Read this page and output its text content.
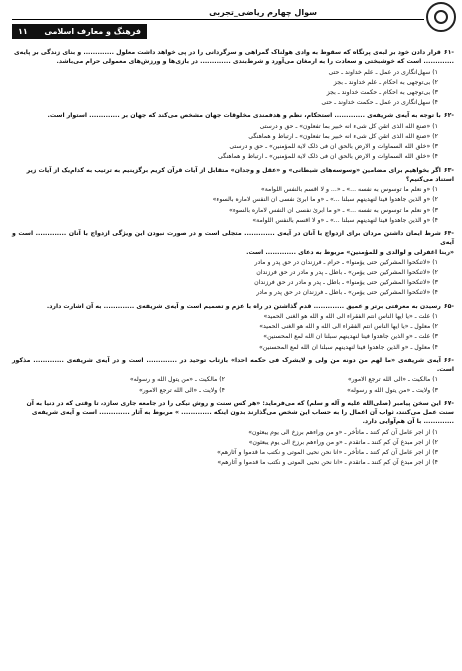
سوال چهارم ریاضی_تجربی
فرهنگ و معارف اسلامی
۱۱
-۶۱قرار دادن خود بر لبه‌ی پرتگاه که سقوط به وادی هولناک گمراهی و سرگردانی را در پی خواهد داشت معلول ............. و بنای زندگی بر پایه‌ی
............. است که خوشبختی و سعادت را به ارمغان می‌آورد و شرط‌بندی ............. در بازی‌ها و ورزش‌های معمولی حرام می‌باشد.
۱) سهل‌انگاری در عمل ـ علم خداوند ـ حتی
۲) بی‌توجهی به احکام ـ علم خداوند ـ بجز
۳) بی‌توجهی به احکام ـ حکمت خداوند ـ بجز
۴) سهل‌انگاری در عمل ـ حکمت خداوند ـ حتی
-۶۲با توجه به آیه‌ی شریفه‌ی ............. استحکام، نظم و هدفمندی مخلوقات جهان مشخص می‌کند که جهان بر ............. استوار است.
۱) «صنع الله الذی اتقن کل شیء انه خبیر بما تفعلون» ـ حق و درستی
۲) «صنع الله الذی اتقن کل شیء انه خبیر بما تفعلون» ـ ارتباط و هماهنگی
۳) «خلق الله السماوات و الارض بالحق ان فی ذلک لایة للمؤمنین» ـ حق و درستی
۴) «خلق الله السماوات و الارض بالحق ان فی ذلک لایة للمؤمنین» ـ ارتباط و هماهنگی
-۶۳اگر بخواهیم برای مضامین «وسوسه‌های شیطانی» و «عقل و وجدان» متقابل از آیات قرآن کریم برگزینیم به ترتیب به کدام‌یک از آیات زیر
استناد می‌کنیم؟
۱) «و نعلم ما توسوس به نفسه ...» ـ «... و لا اقسم بالنفس اللوامة»
۲) «و الذین جاهدوا فینا لنهدینهم سبلنا ...» ـ «و ما ابرئ نفسی ان النفس لاماره بالسوء»
۳) «و نعلم ما توسوس به نفسه ...» ـ «و ما ابرئ نفسی ان النفس لاماره بالسوء»
۴) «و الذین جاهدوا فینا لنهدینهم سبلنا ...» ـ «و لا اقسم بالنفس اللوامة»
-۶۴شرط ایمان داشتن مردان برای ازدواج با آنان در آیه‌ی ............. متجلی است و در صورت نبودن این ویژگی ازدواج با آنان ............. است و آیه‌ی
«ربنا اغفرلی و لوالدی و للمؤمنین» مربوط به دعای ............. است.
۱) «لاتنکحوا المشرکین حتی یؤمنوا» ـ حرام ـ فرزندان در حق پدر و مادر
۲) «لاتنکحوا المشرکین حتی یؤمن» ـ باطل ـ پدر و مادر در حق فرزندان
۳) «لاتنکحوا المشرکین حتی یؤمنوا» ـ باطل ـ پدر و مادر در حق فرزندان
۴) «لاتنکحوا المشرکین حتی یؤمن» ـ باطل ـ فرزندان در حق پدر و مادر
-۶۵رسیدن به معرفتی برتر و عمیق ............. قدم گذاشتن در راه با عزم و تصمیم است و آیه‌ی شریفه‌ی ............. به آن اشارت دارد.
۱) علت ـ «یا ایها الناس انتم الفقراء الی الله و الله هو الغنی الحمید»
۲) معلول ـ «یا ایها الناس انتم الفقراء الی الله و الله هو الغنی الحمید»
۳) علت ـ «و الذین جاهدوا فینا لنهدینهم سبلنا ان الله لمع المحسنین»
۴) معلول ـ «و الذین جاهدوا فینا لنهدینهم سبلنا ان الله لمع المحسنین»
-۶۶آیه‌ی شریفه‌ی «ما لهم من دونه من ولی و لایشرک فی حکمه احدا» بازتاب توحید در ............. است و در آیه‌ی شریفه‌ی ............. مذکور است.
۱) مالکیت ـ «الی الله ترجع الامور»
۲) مالکیت ـ «من یتول الله و رسوله»
۳) ولایت ـ «من یتول الله و رسوله»
۴) ولایت ـ «الی الله ترجع الامور»
-۶۷این سخن پیامبر (صلی‌الله علیه و آله و سلم) که می‌فرماید: «هر کس سنت و روش نیکی را در جامعه جاری سازد، تا وقتی که در دنیا به آن
سنت عمل می‌کنند، ثواب آن اعمال را به حساب این شخص می‌گذارند بدون اینکه ............. » مربوط به آثار ............. است و آیه‌ی شریفه‌ی
............. با آن هم‌آوایی دارد.
۱) از اجر عامل آن کم کنند ـ ماتأخر ـ «و من وراءهم برزخ الی یوم یبعثون»
۲) از اجر مبدع آن کم کنند ـ ماتقدم ـ «و من وراءهم برزخ الی یوم یبعثون»
۳) از اجر عامل آن کم کنند ـ ماتأخر ـ «انا نحن نحیی الموتی و نکتب ما قدموا و آثارهم»
۴) از اجر مبدع آن کم کنند ـ ماتقدم ـ «انا نحن نحیی الموتی و نکتب ما قدموا و آثارهم»
